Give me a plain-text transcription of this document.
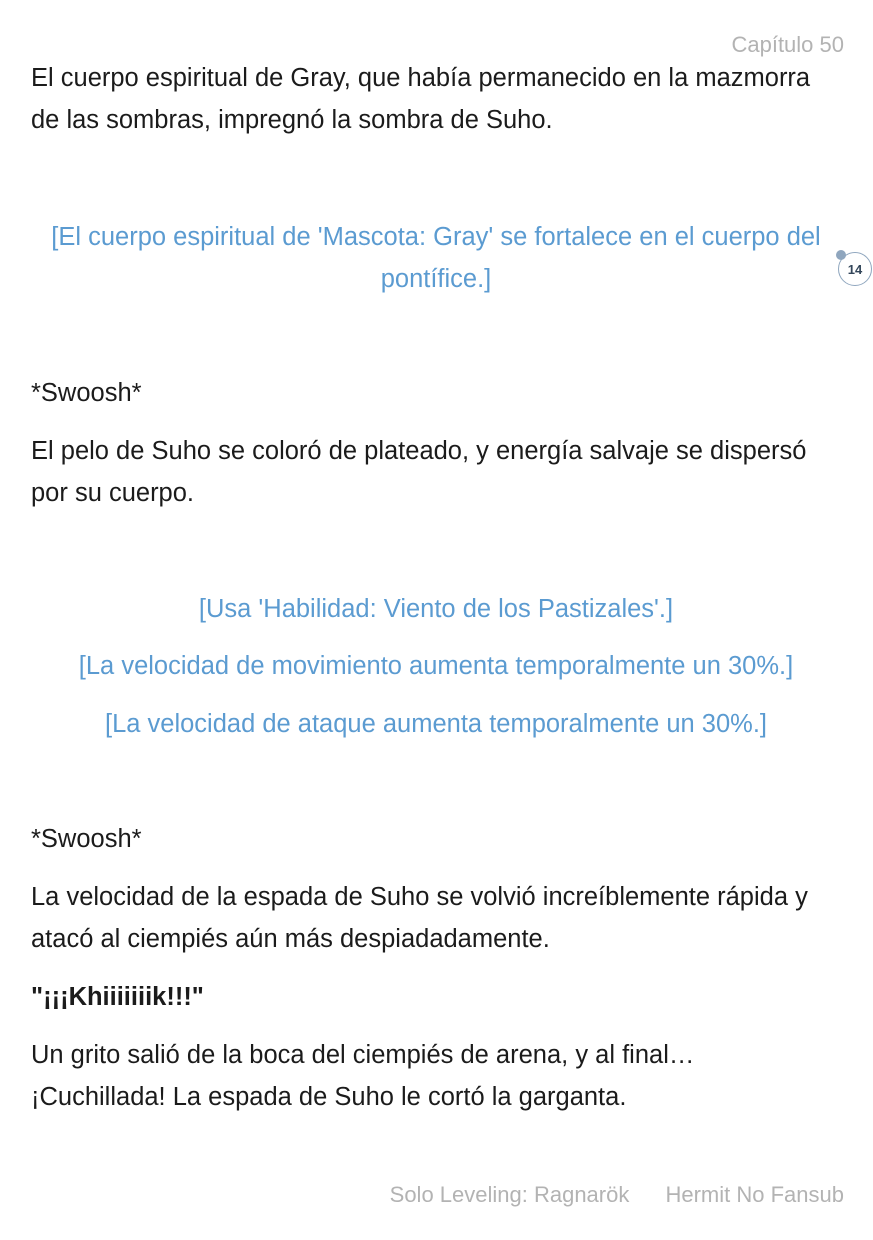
Capítulo 50

El cuerpo espiritual de Gray, que había permanecido en la mazmorra de las sombras, impregnó la sombra de Suho.

[El cuerpo espiritual de 'Mascota: Gray' se fortalece en el cuerpo del pontífice.]	14

*Swoosh*

El pelo de Suho se coloró de plateado, y energía salvaje se dispersó por su cuerpo.

[Usa 'Habilidad: Viento de los Pastizales'.]

[La velocidad de movimiento aumenta temporalmente un 30%.]

[La velocidad de ataque aumenta temporalmente un 30%.]

*Swoosh*

La velocidad de la espada de Suho se volvió increíblemente rápida y atacó al ciempiés aún más despiadadamente.

"¡¡¡Khiiiiiiik!!!"

Un grito salió de la boca del ciempiés de arena, y al final… ¡Cuchillada! La espada de Suho le cortó la garganta.

Solo Leveling: Ragnarök Hermit No Fansub
